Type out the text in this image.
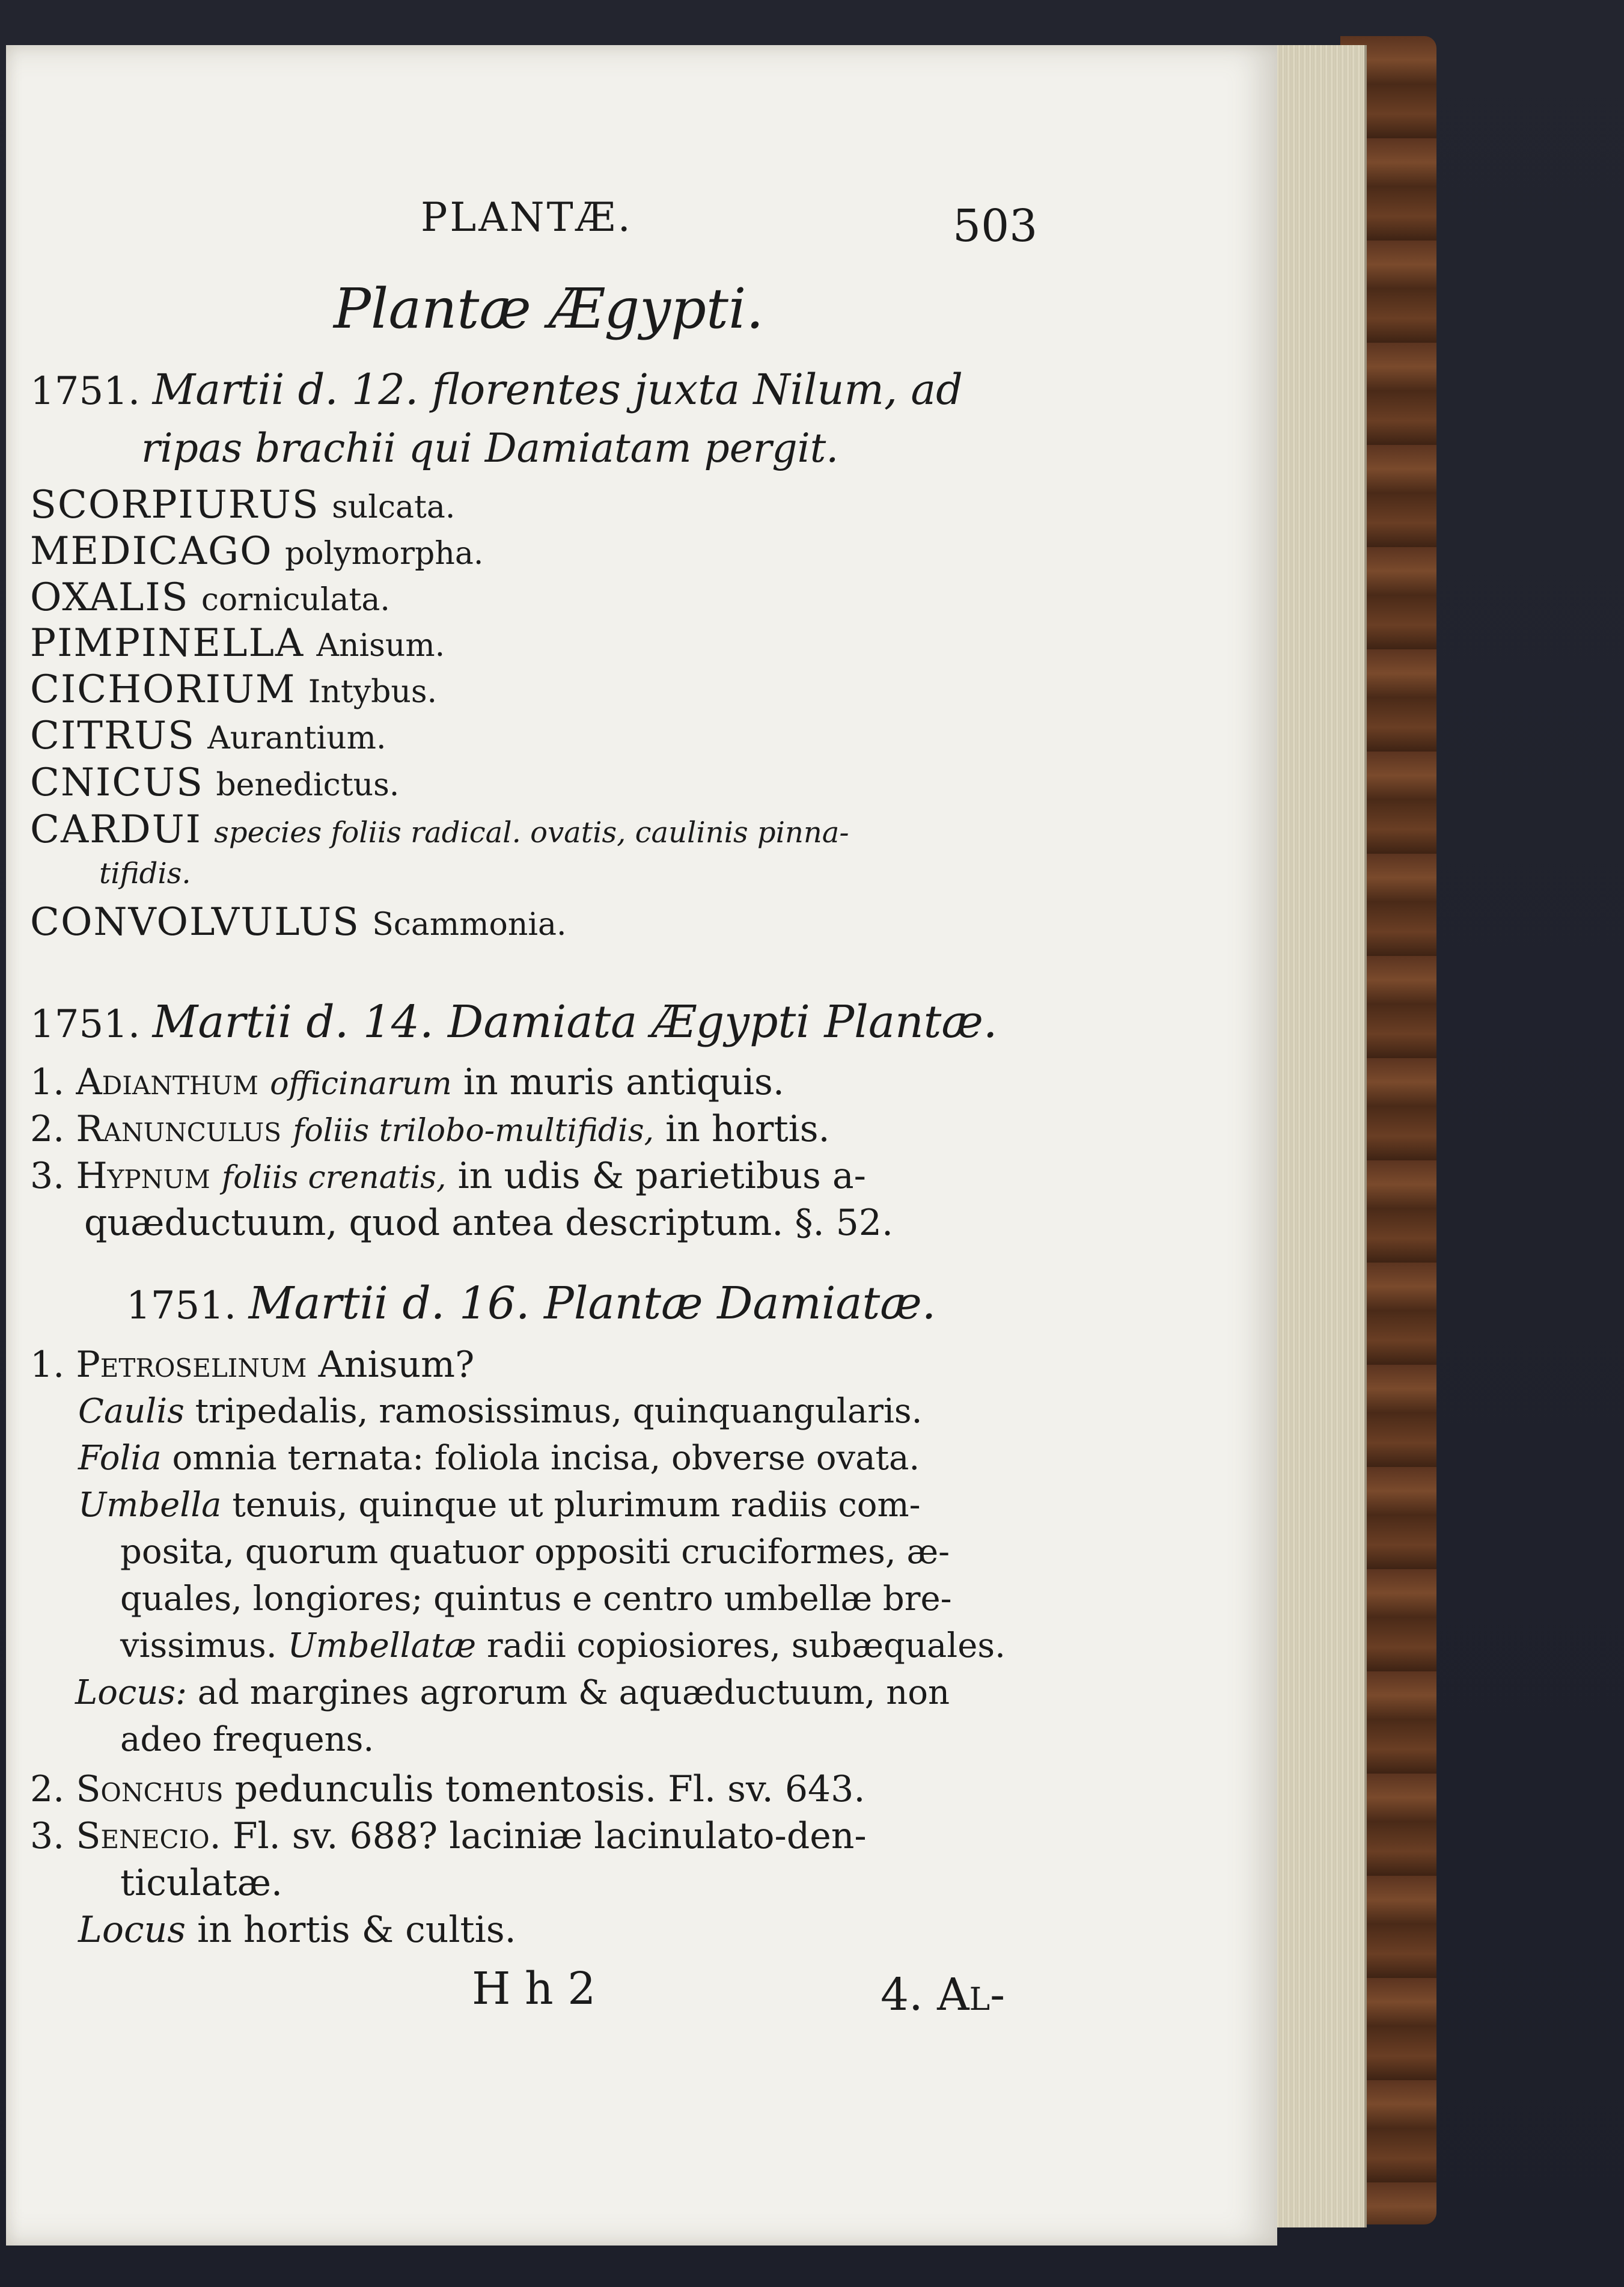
PLANTÆ.	503
Plantæ Ægypti.
1751. Martii d. 12. florentes juxta Nilum, ad
ripas brachii qui Damiatam pergit.
SCORPIURUS sulcata.
MEDICAGO polymorpha.
OXALIS corniculata.
PIMPINELLA Anisum.
CICHORIUM Intybus.
CITRUS Aurantium.
CNICUS benedictus.
CARDUI species foliis radical. ovatis, caulinis pinna-
tifidis.
CONVOLVULUS Scammonia.
1751. Martii d. 14. Damiata Ægypti Plantæ.
1. Adianthum officinarum in muris antiquis.
2. Ranunculus foliis trilobo-multifidis, in hortis.
3. Hypnum foliis crenatis, in udis & parietibus a-
quæductuum, quod antea descriptum. §. 52.
1751. Martii d. 16. Plantæ Damiatæ.
1. Petroselinum Anisum?
Caulis tripedalis, ramosissimus, quinquangularis.
Folia omnia ternata: foliola incisa, obverse ovata.
Umbella tenuis, quinque ut plurimum radiis com-
posita, quorum quatuor oppositi cruciformes, æ-
quales, longiores; quintus e centro umbellæ bre-
vissimus. Umbellatæ radii copiosiores, subæquales.
Locus: ad margines agrorum & aquæductuum, non
adeo frequens.
2. Sonchus pedunculis tomentosis. Fl. sv. 643.
3. Senecio. Fl. sv. 688? laciniæ lacinulato-den-
ticulatæ.
Locus in hortis & cultis.
H h 2	4. Al-
